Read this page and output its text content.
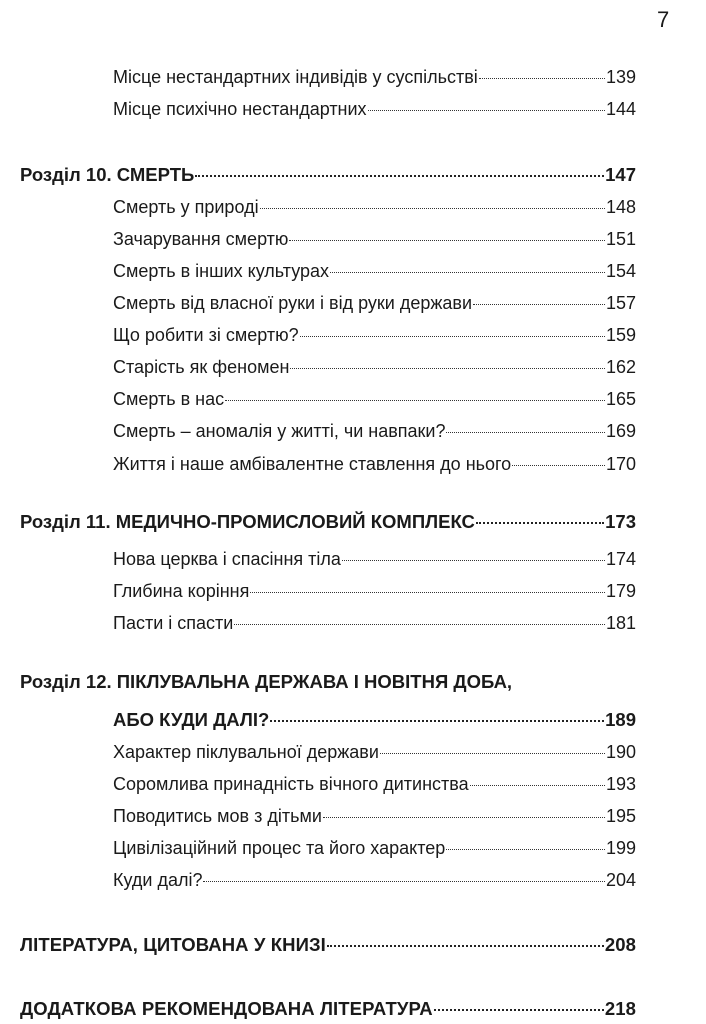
7
Місце нестандартних індивідів у суспільстві	139
Місце психічно нестандартних	144
Розділ 10. СМЕРТЬ	147
Смерть у природі	148
Зачарування смертю	151
Смерть в інших культурах	154
Смерть від власної руки і від руки держави	157
Що робити зі смертю?	159
Старість як феномен	162
Смерть в нас	165
Смерть – аномалія у житті, чи навпаки?	169
Життя і наше амбівалентне ставлення до нього	170
Розділ 11. МЕДИЧНО-ПРОМИСЛОВИЙ КОМПЛЕКС	173
Нова церква і спасіння тіла	174
Глибина коріння	179
Пасти і спасти	181
Розділ 12. ПІКЛУВАЛЬНА ДЕРЖАВА І НОВІТНЯ ДОБА,
АБО КУДИ ДАЛІ?	189
Характер піклувальної держави	190
Соромлива принадність вічного дитинства	193
Поводитись мов з дітьми	195
Цивілізаційний процес та його характер	199
Куди далі?	204
ЛІТЕРАТУРА, ЦИТОВАНА У КНИЗІ	208
ДОДАТКОВА РЕКОМЕНДОВАНА ЛІТЕРАТУРА	218
